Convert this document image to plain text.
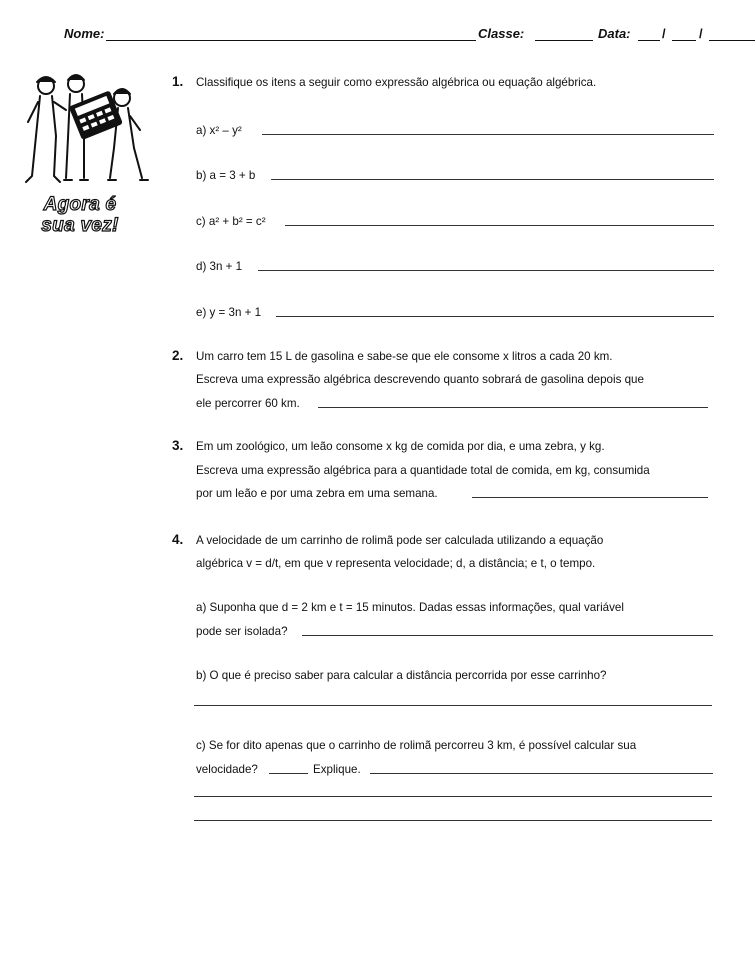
Nome:	Classe:	Data: /	/
Agora é
sua vez!
1. Classifique os itens a seguir como expressão algébrica ou equação algébrica.
a) x² – y²
b) a = 3 + b
c) a² + b² = c²
d) 3n + 1
e) y = 3n + 1
2. Um carro tem 15 L de gasolina e sabe-se que ele consome x litros a cada 20 km.
Escreva uma expressão algébrica descrevendo quanto sobrará de gasolina depois que
ele percorrer 60 km.
3. Em um zoológico, um leão consome x kg de comida por dia, e uma zebra, y kg.
Escreva uma expressão algébrica para a quantidade total de comida, em kg, consumida
por um leão e por uma zebra em uma semana.
4. A velocidade de um carrinho de rolimã pode ser calculada utilizando a equação
algébrica v = d/t, em que v representa velocidade; d, a distância; e t, o tempo.
a) Suponha que d = 2 km e t = 15 minutos. Dadas essas informações, qual variável
pode ser isolada?
b) O que é preciso saber para calcular a distância percorrida por esse carrinho?
c) Se for dito apenas que o carrinho de rolimã percorreu 3 km, é possível calcular sua
velocidade?	Explique.
